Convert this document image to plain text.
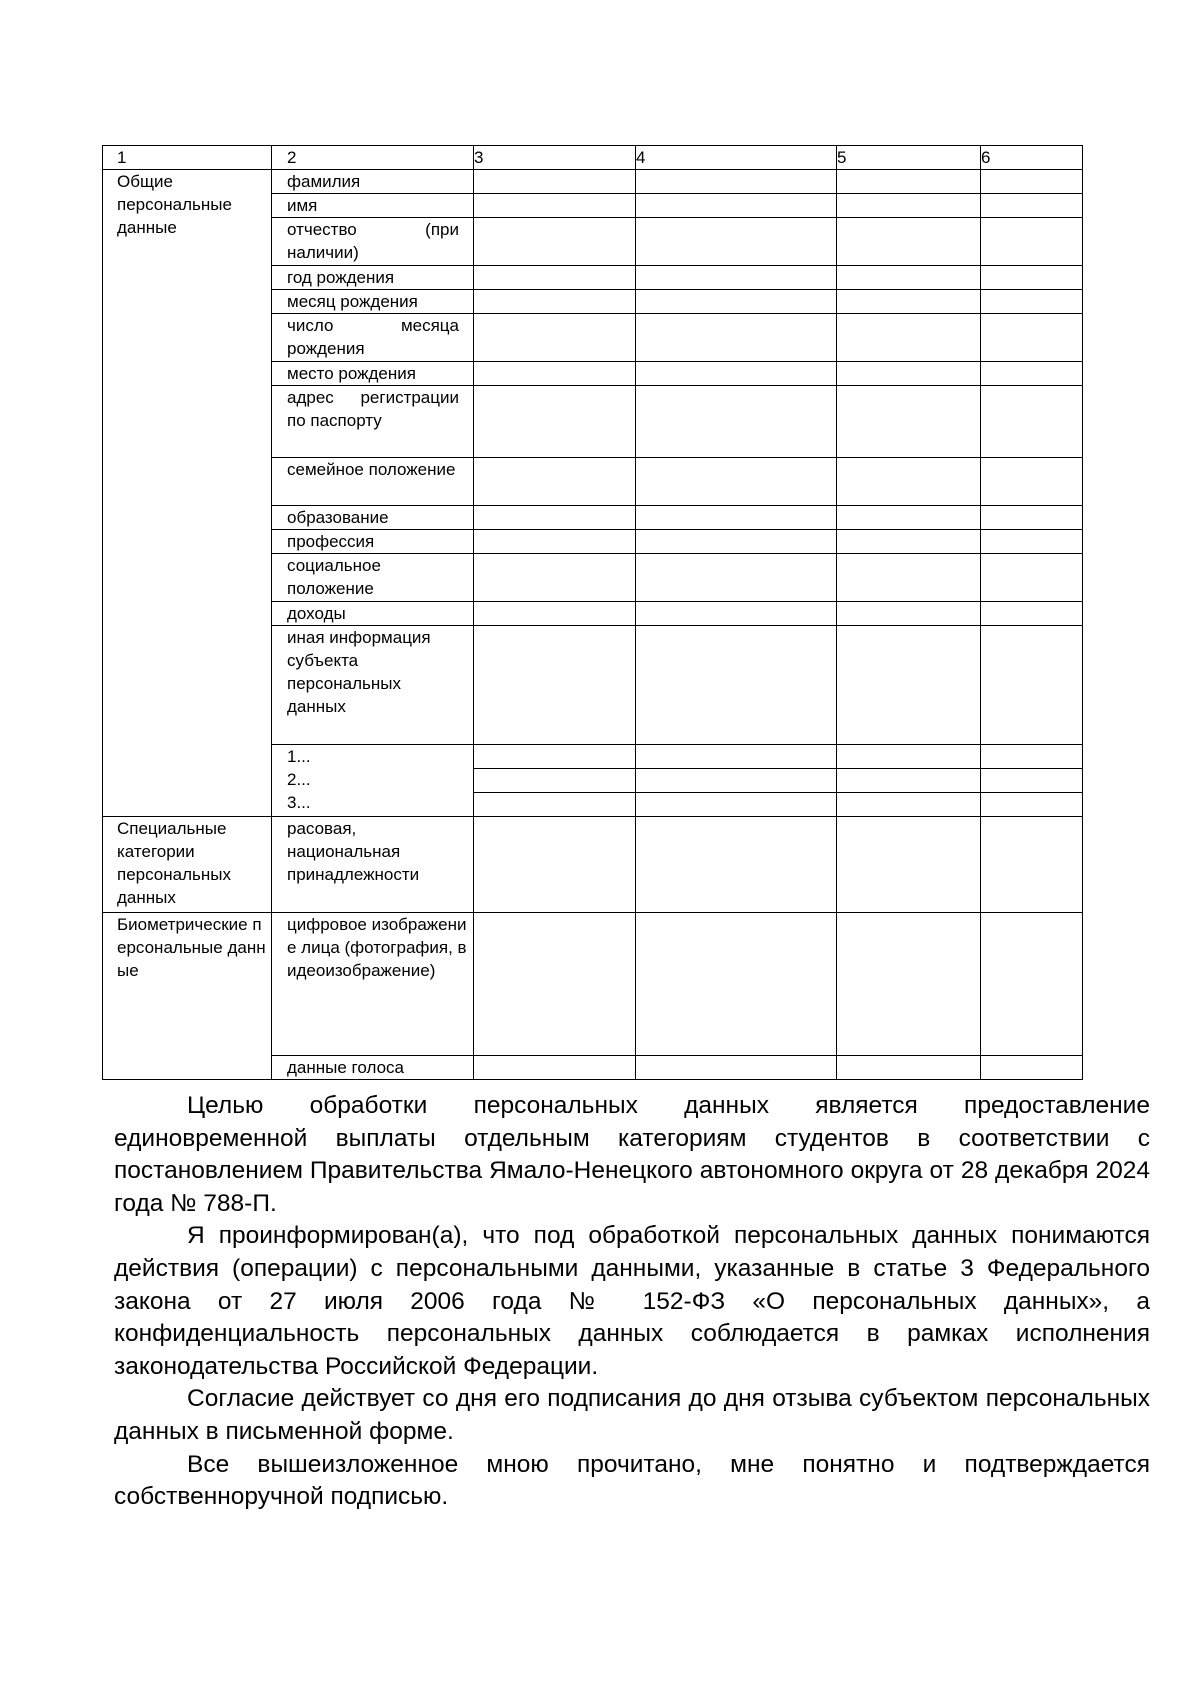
1	2	3	4	5	6
Общие персональные данные	фамилия				
	имя				
	отчество (при наличии)				
	год рождения				
	месяц рождения				
	число месяца рождения				
	место рождения				
	адрес регистрации по паспорту				
	семейное положение				
	образование				
	профессия				
	социальное положение				
	доходы				
	иная информация субъекта персональных данных				

	1...
2...
3...				

Специальные категории персональных данных	расовая, национальная принадлежности				
Биометрические персональные данные	цифровое изображение лица (фотография, видеоизображение)				
	данные голоса				

Целью обработки персональных данных является предоставление единовременной выплаты отдельным категориям студентов в соответствии с постановлением Правительства Ямало-Ненецкого автономного округа от 28 декабря 2024 года № 788-П.

Я проинформирован(а), что под обработкой персональных данных понимаются действия (операции) с персональными данными, указанные в статье 3 Федерального закона от 27 июля 2006 года № 152-ФЗ «О персональных данных», а конфиденциальность персональных данных соблюдается в рамках исполнения законодательства Российской Федерации.

Согласие действует со дня его подписания до дня отзыва субъектом персональных данных в письменной форме.

Все вышеизложенное мною прочитано, мне понятно и подтверждается собственноручной подписью.
